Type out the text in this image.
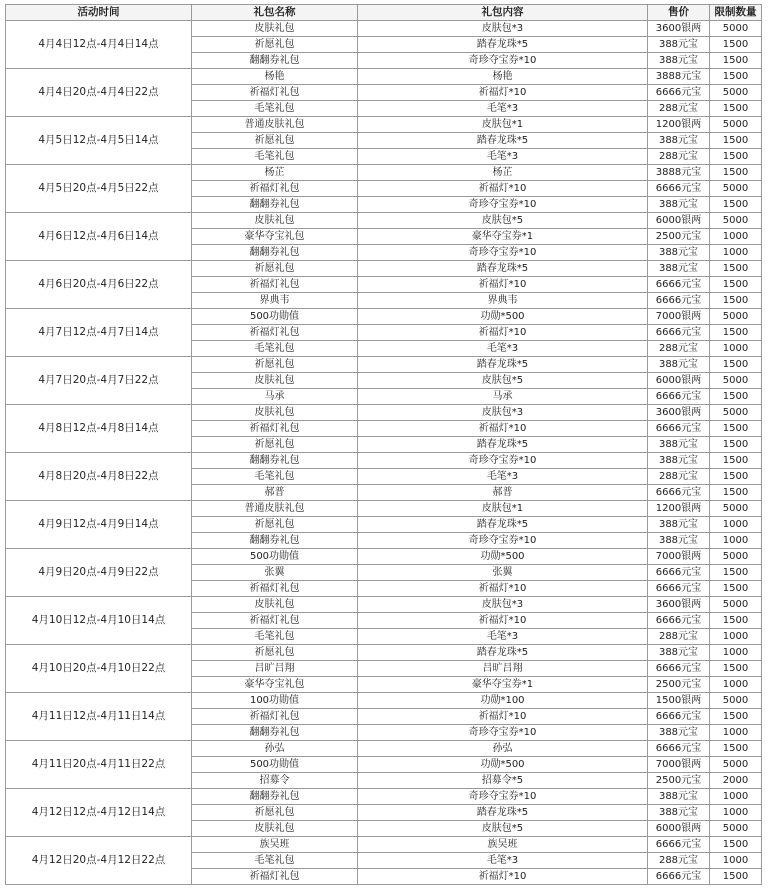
活动时间	礼包名称	礼包内容	售价	限制数量
4月4日12点-4月4日14点	皮肤礼包	皮肤包*3	3600银两	5000
	祈愿礼包	踏春龙珠*5	388元宝	1500
	翻翻券礼包	奇珍夺宝券*10	388元宝	1500
4月4日20点-4月4日22点	杨艳	杨艳	3888元宝	1500
	祈福灯礼包	祈福灯*10	6666元宝	5000
	毛笔礼包	毛笔*3	288元宝	1500
4月5日12点-4月5日14点	普通皮肤礼包	皮肤包*1	1200银两	5000
	祈愿礼包	踏春龙珠*5	388元宝	1500
	毛笔礼包	毛笔*3	288元宝	1500
4月5日20点-4月5日22点	杨芷	杨芷	3888元宝	1500
	祈福灯礼包	祈福灯*10	6666元宝	5000
	翻翻券礼包	奇珍夺宝券*10	388元宝	1500
4月6日12点-4月6日14点	皮肤礼包	皮肤包*5	6000银两	5000
	豪华夺宝礼包	豪华夺宝券*1	2500元宝	1000
	翻翻券礼包	奇珍夺宝券*10	388元宝	1000
4月6日20点-4月6日22点	祈愿礼包	踏春龙珠*5	388元宝	1500
	祈福灯礼包	祈福灯*10	6666元宝	1500
	界典韦	界典韦	6666元宝	1500
4月7日12点-4月7日14点	500功勋值	功勋*500	7000银两	5000
	祈福灯礼包	祈福灯*10	6666元宝	1500
	毛笔礼包	毛笔*3	288元宝	1000
4月7日20点-4月7日22点	祈愿礼包	踏春龙珠*5	388元宝	1500
	皮肤礼包	皮肤包*5	6000银两	5000
	马承	马承	6666元宝	1500
4月8日12点-4月8日14点	皮肤礼包	皮肤包*3	3600银两	5000
	祈福灯礼包	祈福灯*10	6666元宝	1500
	祈愿礼包	踏春龙珠*5	388元宝	1500
4月8日20点-4月8日22点	翻翻券礼包	奇珍夺宝券*10	388元宝	1500
	毛笔礼包	毛笔*3	288元宝	1500
	郝普	郝普	6666元宝	1500
4月9日12点-4月9日14点	普通皮肤礼包	皮肤包*1	1200银两	5000
	祈愿礼包	踏春龙珠*5	388元宝	1000
	翻翻券礼包	奇珍夺宝券*10	388元宝	1000
4月9日20点-4月9日22点	500功勋值	功勋*500	7000银两	5000
	张翼	张翼	6666元宝	1500
	祈福灯礼包	祈福灯*10	6666元宝	1500
4月10日12点-4月10日14点	皮肤礼包	皮肤包*3	3600银两	5000
	祈福灯礼包	祈福灯*10	6666元宝	1500
	毛笔礼包	毛笔*3	288元宝	1000
4月10日20点-4月10日22点	祈愿礼包	踏春龙珠*5	388元宝	1000
	吕旷吕翔	吕旷吕翔	6666元宝	1500
	豪华夺宝礼包	豪华夺宝券*1	2500元宝	1000
4月11日12点-4月11日14点	100功勋值	功勋*100	1500银两	5000
	祈福灯礼包	祈福灯*10	6666元宝	1500
	翻翻券礼包	奇珍夺宝券*10	388元宝	1000
4月11日20点-4月11日22点	孙弘	孙弘	6666元宝	1500
	500功勋值	功勋*500	7000银两	5000
	招募令	招募令*5	2500元宝	2000
4月12日12点-4月12日14点	翻翻券礼包	奇珍夺宝券*10	388元宝	1000
	祈愿礼包	踏春龙珠*5	388元宝	1000
	皮肤礼包	皮肤包*5	6000银两	5000
4月12日20点-4月12日22点	族吴班	族吴班	6666元宝	1500
	毛笔礼包	毛笔*3	288元宝	1000
	祈福灯礼包	祈福灯*10	6666元宝	1500
